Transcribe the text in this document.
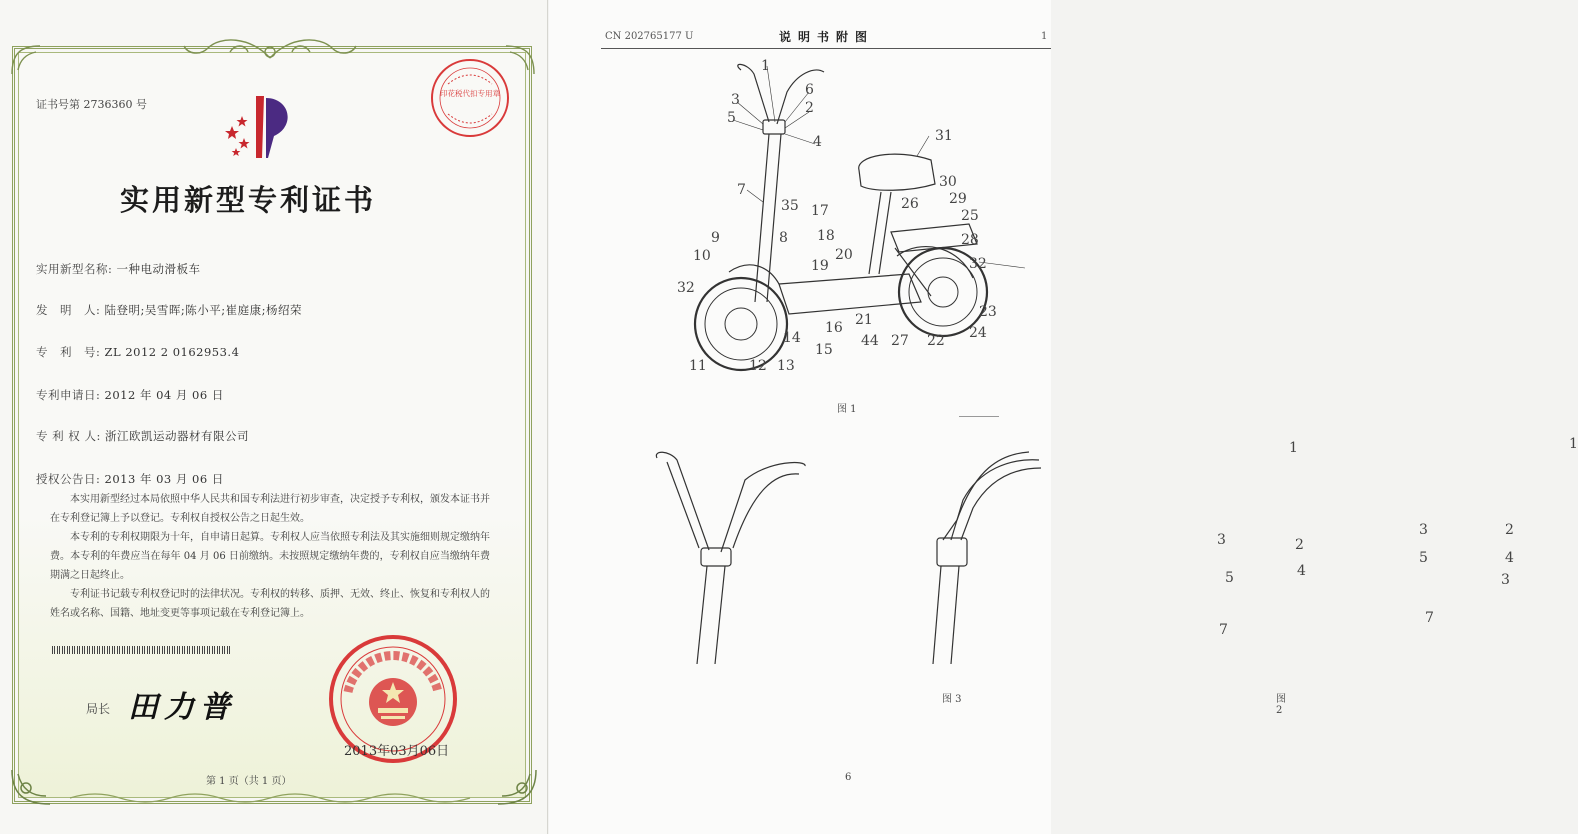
证书号第 2736360 号
印花税代扣专用章
实用新型专利证书
实用新型名称: 一种电动滑板车
发　明　人: 陆登明;吴雪晖;陈小平;崔庭康;杨绍荣
专　利　号: ZL 2012 2 0162953.4
专利申请日: 2012 年 04 月 06 日
专 利 权 人: 浙江欧凯运动器材有限公司
授权公告日: 2013 年 03 月 06 日

本实用新型经过本局依照中华人民共和国专利法进行初步审查，决定授予专利权，颁发本证书并在专利登记簿上予以登记。专利权自授权公告之日起生效。

本专利的专利权期限为十年，自申请日起算。专利权人应当依照专利法及其实施细则规定缴纳年费。本专利的年费应当在每年 04 月 06 日前缴纳。未按照规定缴纳年费的，专利权自应当缴纳年费期满之日起终止。

专利证书记载专利权登记时的法律状况。专利权的转移、质押、无效、终止、恢复和专利权人的姓名或名称、国籍、地址变更等事项记载在专利登记簿上。

局长 田力普
2013年03月06日
第 1 页（共 1 页）
CN 202765177 U	说明书附图	1
1
3
6
5
2
4
7
35 17
9	8 18
10
19
20
32
16
14
15
21
11	12 13
44 27 22 24
23
32
28
25
26 29
30
31
图 1
1
3	2
5	4
7
图 2
1
3	2
5	4
3
7
图 3
6
